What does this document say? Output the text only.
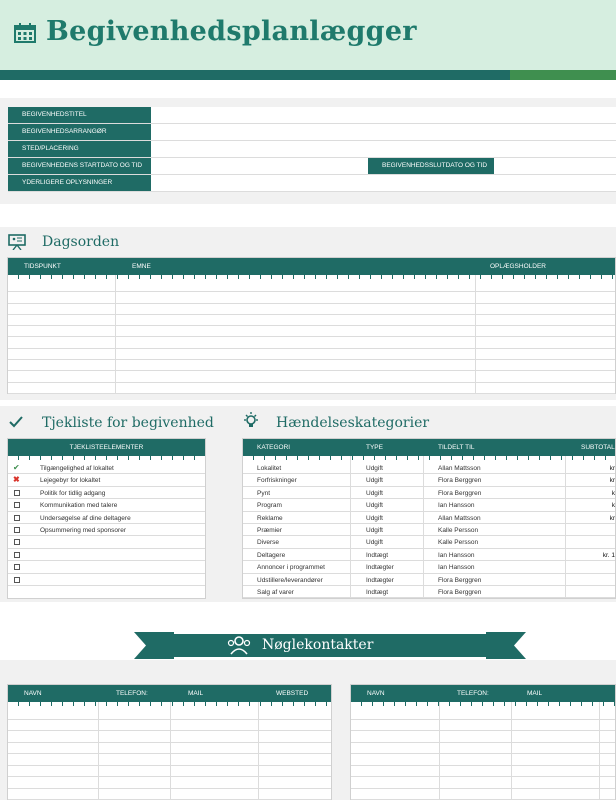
Begivenhedsplanlægger
BEGIVENHEDSTITEL
BEGIVENHEDSARRANGØR
STED/PLACERING
BEGIVENHEDENS STARTDATO OG TID	BEGIVENHEDSSLUTDATO OG TID
YDERLIGERE OPLYSNINGER
Dagsorden
TIDSPUNKT	EMNE	OPLÆGSHOLDER
Tjekliste for begivenhed
TJEKLISTEELEMENTER
✔	Tilgængelighed af lokaltet
✖	Lejegebyr for lokaltet
Politik for tidlig adgang
Kommunikation med talere
Undersøgelse af dine deltagere
Opsummering med sponsorer
Hændelseskategorier
KATEGORI	TYPE	TILDELT TIL	SUBTOTAL
Lokalitet	Udgift	Allan Mattsson	kr
Forfriskninger	Udgift	Flora Berggren	kr
Pynt	Udgift	Flora Berggren	k
Program	Udgift	Ian Hansson	k
Reklame	Udgift	Allan Mattsson	kr
Præmier	Udgift	Kalle Persson
Diverse	Udgift	Kalle Persson
Deltagere	Indtægt	Ian Hansson	kr. 1
Annoncer i programmet	Indtægter	Ian Hansson
Udstillere/leverandører	Indtægter	Flora Berggren
Salg af varer	Indtægt	Flora Berggren
Nøglekontakter
NAVN	TELEFON:	MAIL	WEBSTED	NAVN	TELEFON:	MAIL
